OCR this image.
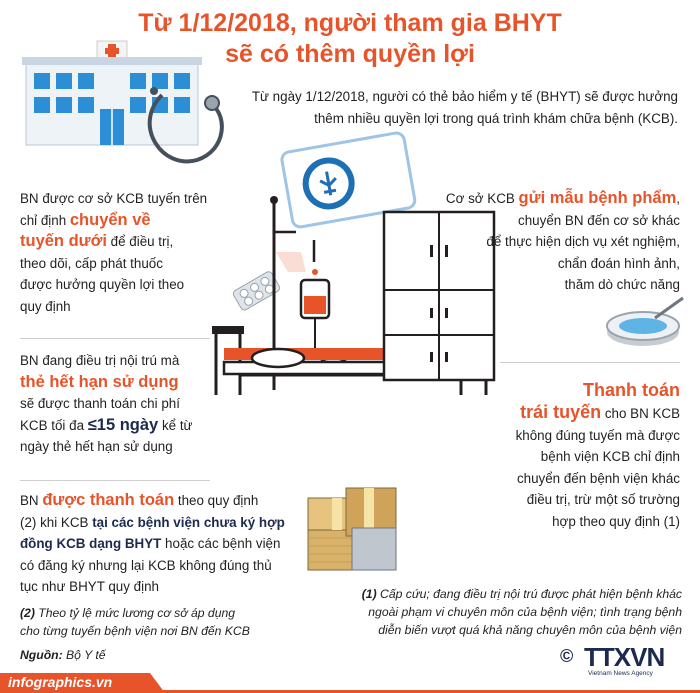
Từ 1/12/2018, người tham gia BHYT
sẽ có thêm quyền lợi
Từ ngày 1/12/2018, người có thẻ bảo hiểm y tế (BHYT) sẽ được hưởng
thêm nhiều quyền lợi trong quá trình khám chữa bệnh (KCB).
BN được cơ sở KCB tuyến trên
chỉ định chuyển về
tuyến dưới để điều trị,
theo dõi, cấp phát thuốc
được hưởng quyền lợi theo
quy định
BN đang điều trị nội trú mà
thẻ hết hạn sử dụng
sẽ được thanh toán chi phí
KCB tối đa ≤15 ngày kể từ
ngày thẻ hết hạn sử dụng
BN được thanh toán theo quy định
(2) khi KCB tại các bệnh viện chưa ký hợp
đồng KCB dạng BHYT hoặc các bệnh viện
có đăng ký nhưng lại KCB không đúng thủ
tục như BHYT quy định
Cơ sở KCB gửi mẫu bệnh phẩm,
chuyển BN đến cơ sở khác
để thực hiện dịch vụ xét nghiệm,
chẩn đoán hình ảnh,
thăm dò chức năng
Thanh toán
trái tuyến cho BN KCB
không đúng tuyến mà được
bệnh viện KCB chỉ định
chuyển đến bệnh viện khác
điều trị, trừ một số trường
hợp theo quy định (1)
(2) Theo tỷ lệ mức lương cơ sở áp dụng
cho từng tuyến bệnh viện nơi BN đến KCB
(1) Cấp cứu; đang điều trị nội trú được phát hiện bệnh khác
ngoài phạm vi chuyên môn của bệnh viện; tình trạng bệnh
diễn biến vượt quá khả năng chuyên môn của bệnh viện
Nguồn: Bộ Y tế	© TTXVN
Vietnam News Agency
infographics.vn
